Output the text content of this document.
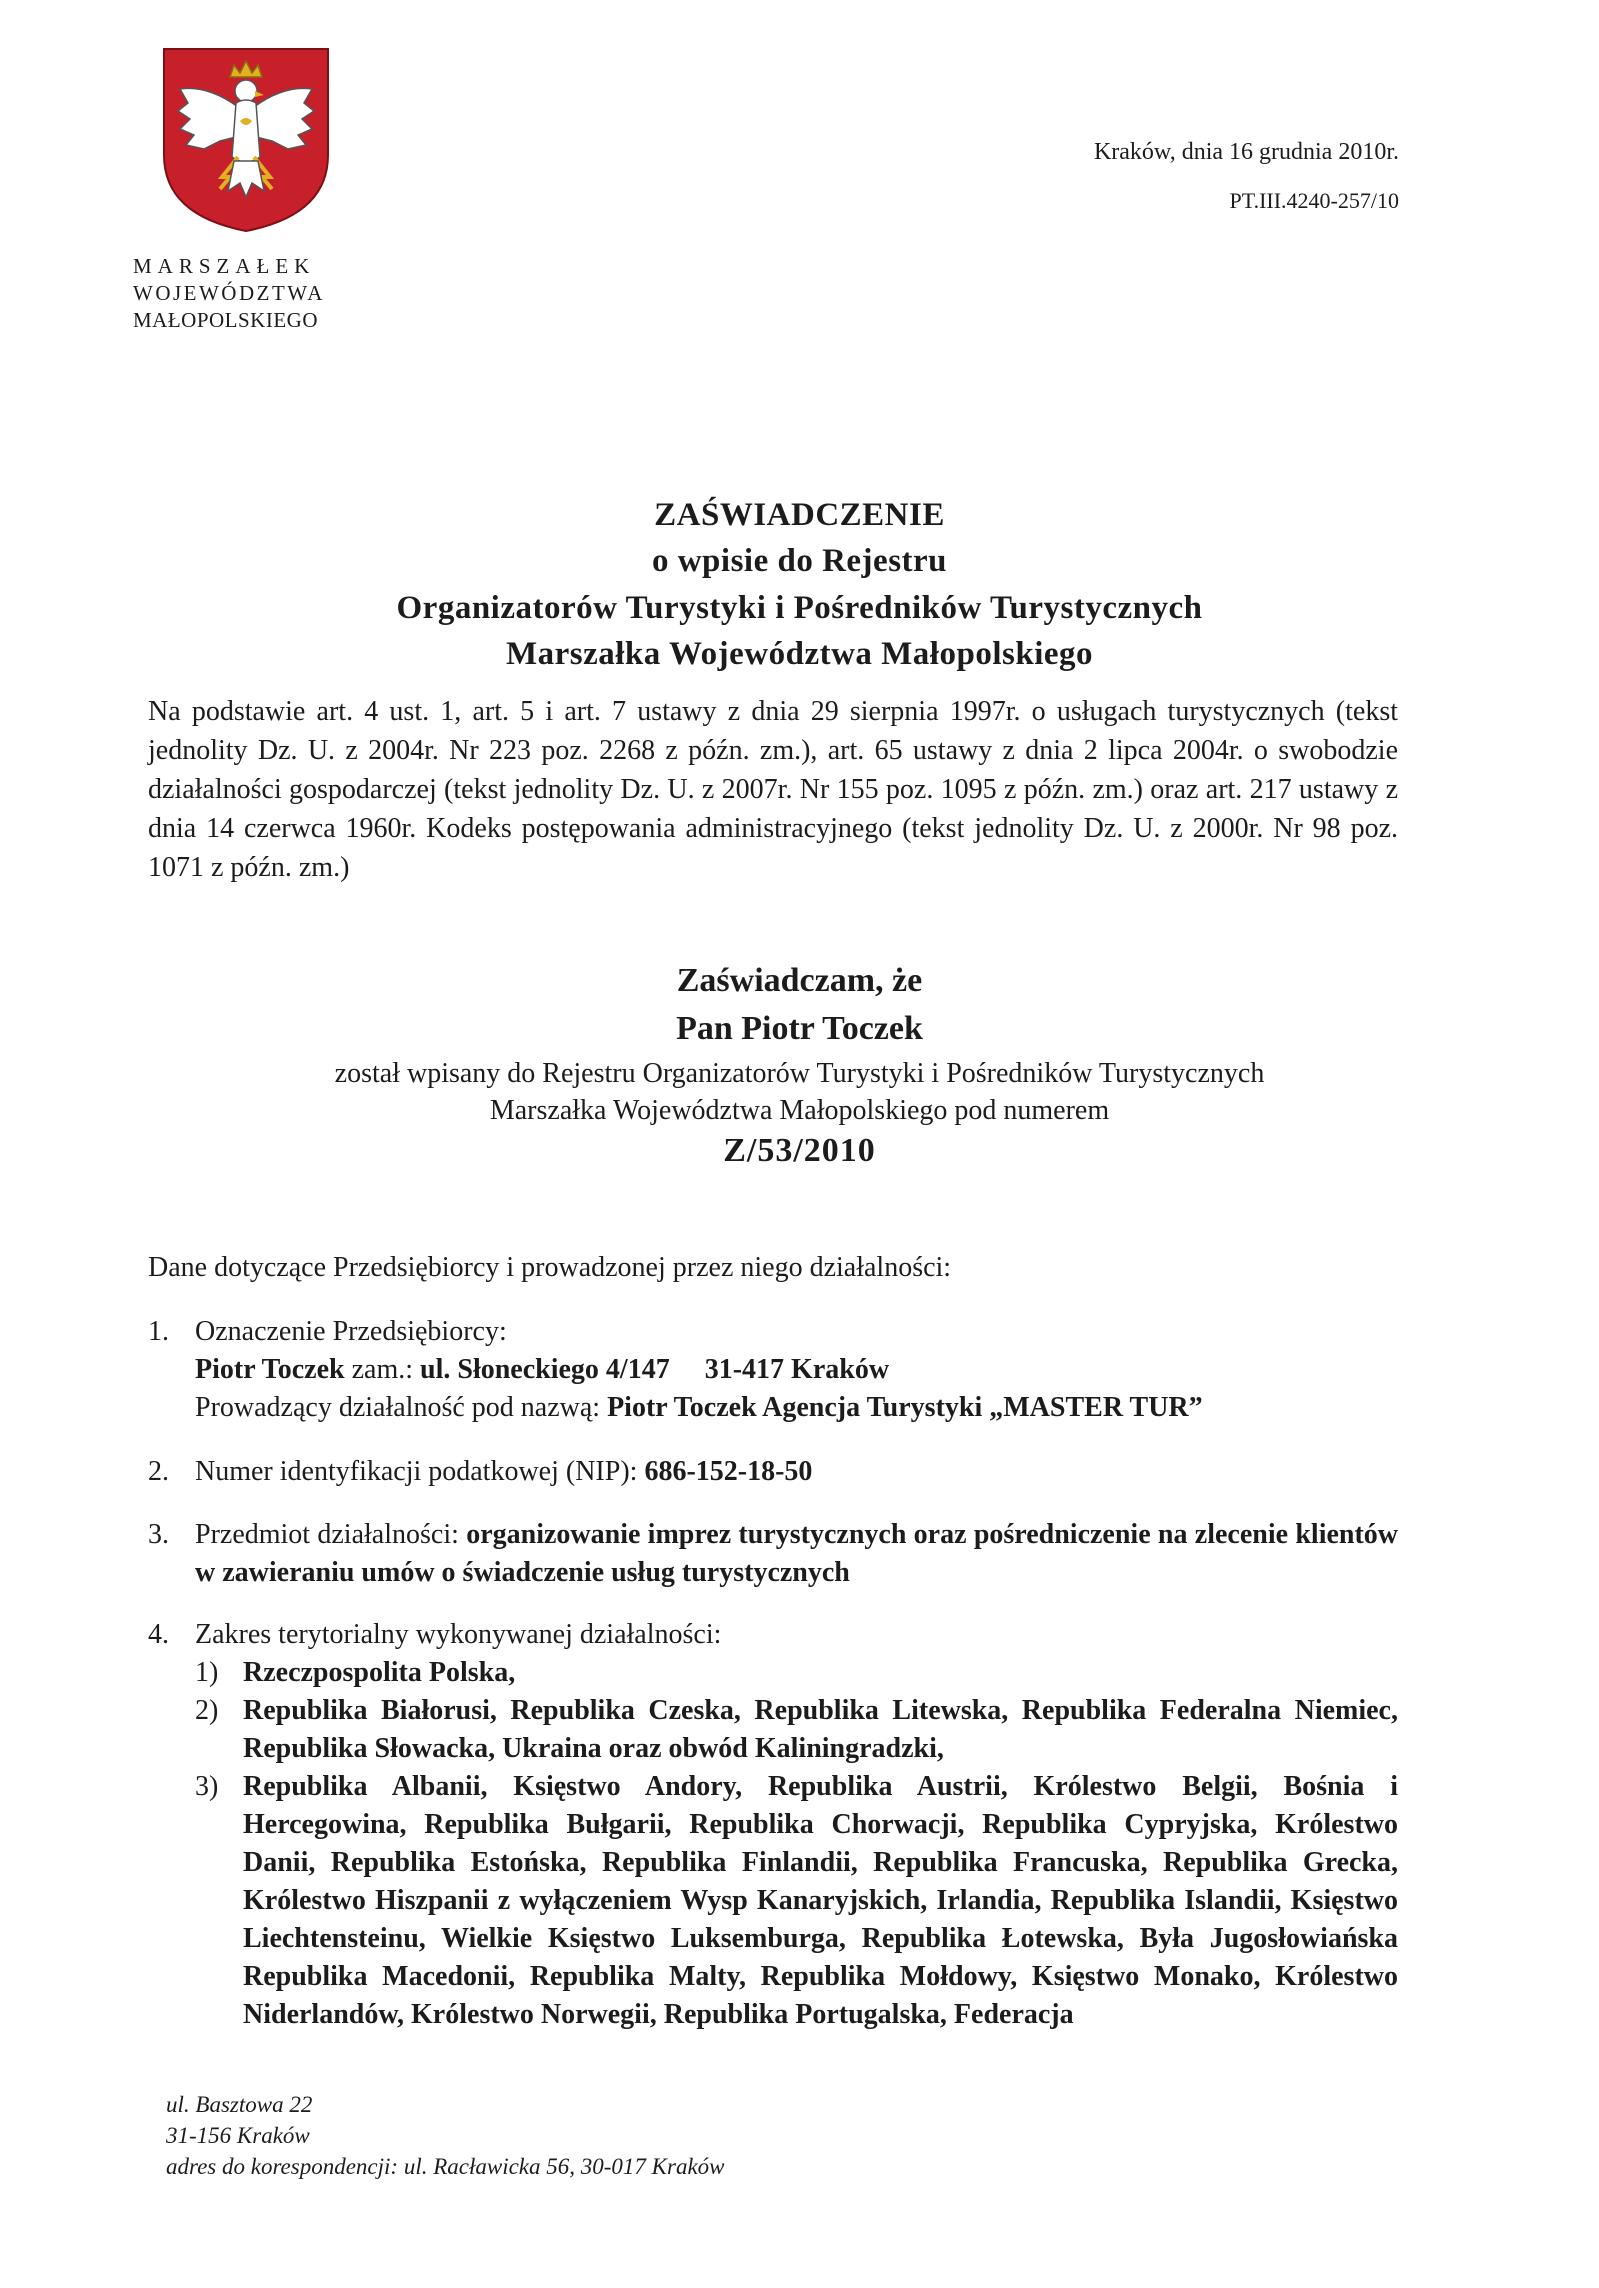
MARSZAŁEK
WOJEWÓDZTWA
MAŁOPOLSKIEGO
Kraków, dnia 16 grudnia 2010r.
PT.III.4240-257/10
ZAŚWIADCZENIE
o wpisie do Rejestru
Organizatorów Turystyki i Pośredników Turystycznych
Marszałka Województwa Małopolskiego
Na podstawie art. 4 ust. 1, art. 5 i art. 7 ustawy z dnia 29 sierpnia 1997r. o usługach turystycznych (tekst jednolity Dz. U. z 2004r. Nr 223 poz. 2268 z późn. zm.), art. 65 ustawy z dnia 2 lipca 2004r. o swobodzie działalności gospodarczej (tekst jednolity Dz. U. z 2007r. Nr 155 poz. 1095 z późn. zm.) oraz art. 217 ustawy z dnia 14 czerwca 1960r. Kodeks postępowania administracyjnego (tekst jednolity Dz. U. z 2000r. Nr 98 poz. 1071 z późn. zm.)
Zaświadczam, że
Pan Piotr Toczek
został wpisany do Rejestru Organizatorów Turystyki i Pośredników Turystycznych
Marszałka Województwa Małopolskiego pod numerem
Z/53/2010
Dane dotyczące Przedsiębiorcy i prowadzonej przez niego działalności:
1. Oznaczenie Przedsiębiorcy:
Piotr Toczek zam.: ul. Słoneckiego 4/147 31-417 Kraków
Prowadzący działalność pod nazwą: Piotr Toczek Agencja Turystyki „MASTER TUR”
2. Numer identyfikacji podatkowej (NIP): 686-152-18-50
3. Przedmiot działalności: organizowanie imprez turystycznych oraz pośredniczenie na zlecenie klientów w zawieraniu umów o świadczenie usług turystycznych
4. Zakres terytorialny wykonywanej działalności:
1) Rzeczpospolita Polska,
2) Republika Białorusi, Republika Czeska, Republika Litewska, Republika Federalna Niemiec, Republika Słowacka, Ukraina oraz obwód Kaliningradzki,
3) Republika Albanii, Księstwo Andory, Republika Austrii, Królestwo Belgii, Bośnia i Hercegowina, Republika Bułgarii, Republika Chorwacji, Republika Cypryjska, Królestwo Danii, Republika Estońska, Republika Finlandii, Republika Francuska, Republika Grecka, Królestwo Hiszpanii z wyłączeniem Wysp Kanaryjskich, Irlandia, Republika Islandii, Księstwo Liechtensteinu, Wielkie Księstwo Luksemburga, Republika Łotewska, Była Jugosłowiańska Republika Macedonii, Republika Malty, Republika Mołdowy, Księstwo Monako, Królestwo Niderlandów, Królestwo Norwegii, Republika Portugalska, Federacja
ul. Basztowa 22
31-156 Kraków
adres do korespondencji: ul. Racławicka 56, 30-017 Kraków
